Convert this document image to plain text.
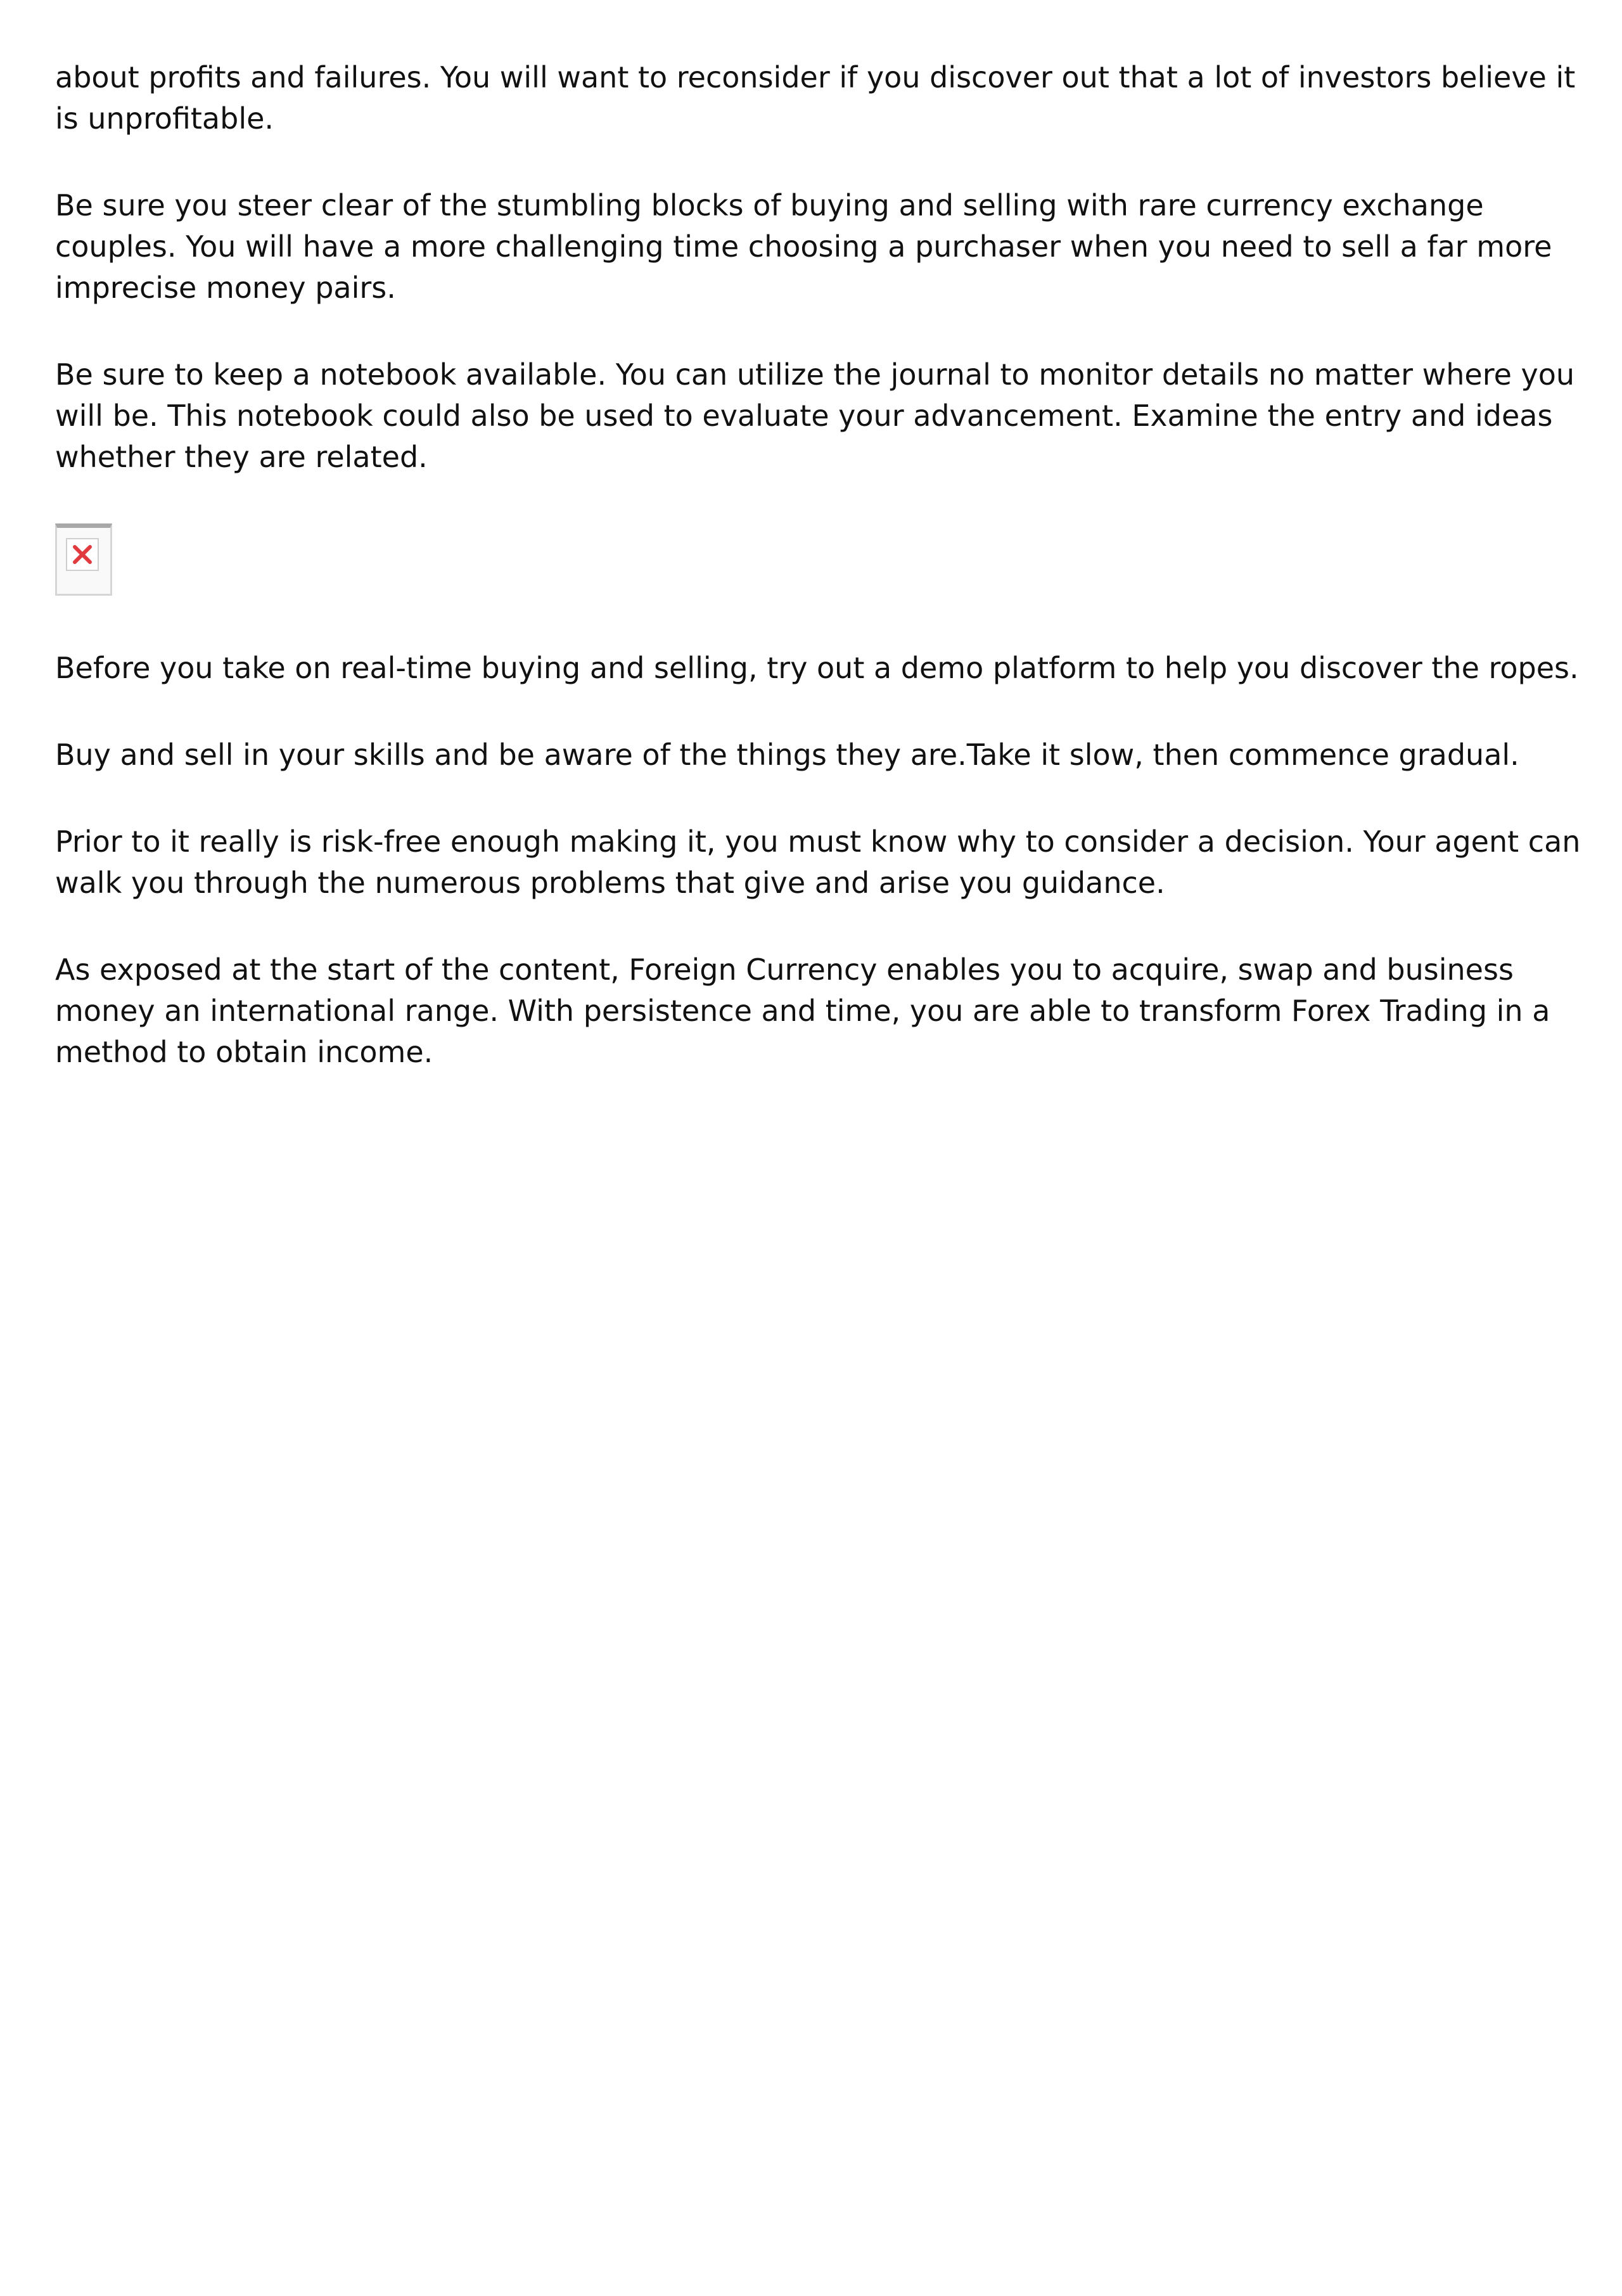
about profits and failures. You will want to reconsider if you discover out that a lot of investors believe it is unprofitable.

Be sure you steer clear of the stumbling blocks of buying and selling with rare currency exchange couples. You will have a more challenging time choosing a purchaser when you need to sell a far more imprecise money pairs.

Be sure to keep a notebook available. You can utilize the journal to monitor details no matter where you will be. This notebook could also be used to evaluate your advancement. Examine the entry and ideas whether they are related.

Before you take on real-time buying and selling, try out a demo platform to help you discover the ropes.

Buy and sell in your skills and be aware of the things they are.Take it slow, then commence gradual.

Prior to it really is risk-free enough making it, you must know why to consider a decision. Your agent can walk you through the numerous problems that give and arise you guidance.

As exposed at the start of the content, Foreign Currency enables you to acquire, swap and business money an international range. With persistence and time, you are able to transform Forex Trading in a method to obtain income.
